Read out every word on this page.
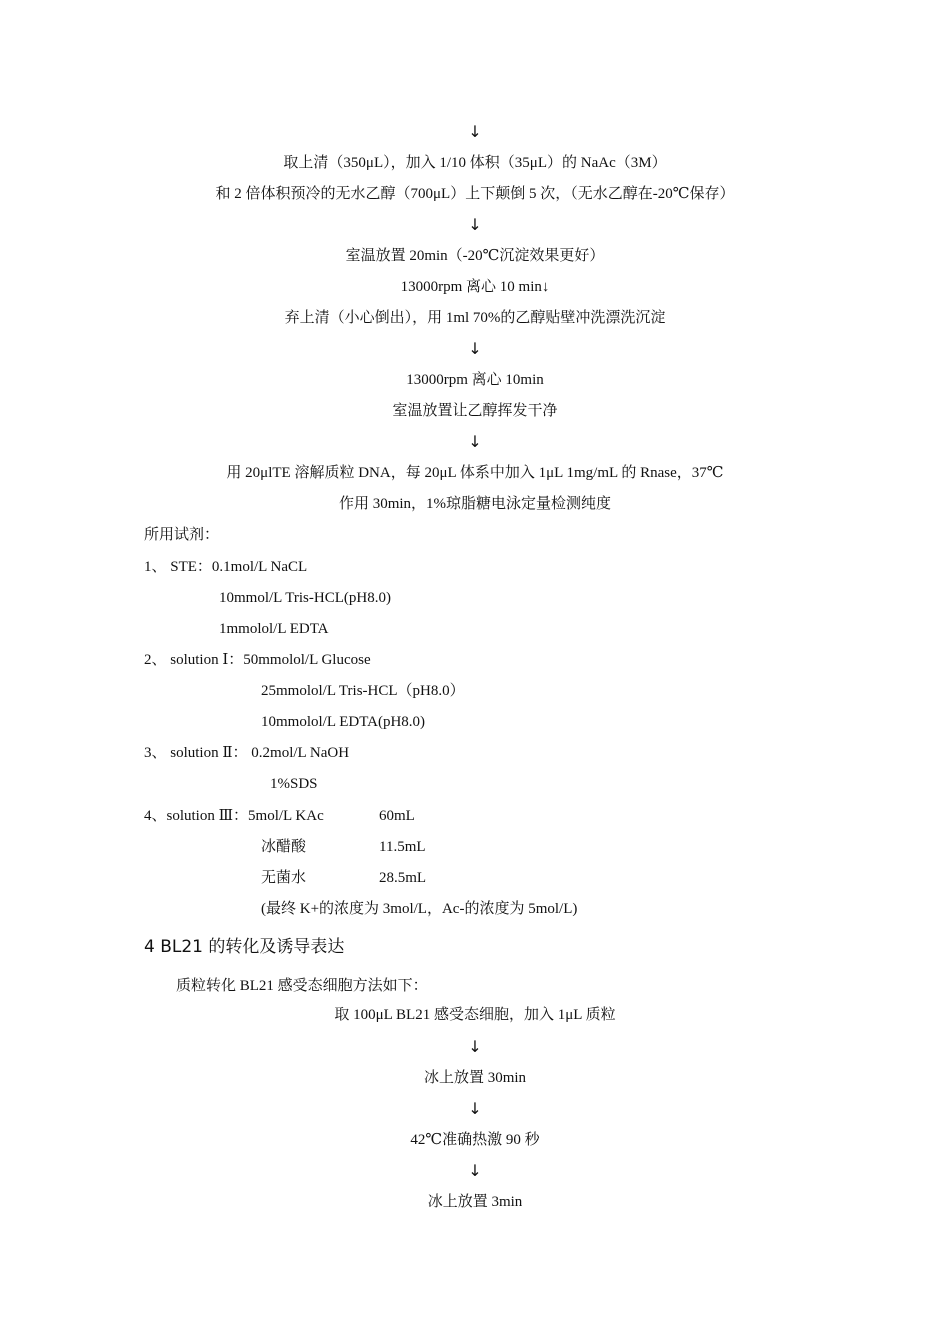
↓
取上清（350μL），加入 1/10 体积（35μL）的 NaAc（3M）
和 2 倍体积预冷的无水乙醇（700μL）上下颠倒 5 次，（无水乙醇在-20℃保存）
↓
室温放置 20min（-20℃沉淀效果更好）
13000rpm 离心 10 min↓
弃上清（小心倒出），用 1ml 70%的乙醇贴壁冲洗漂洗沉淀
↓
13000rpm 离心 10min
室温放置让乙醇挥发干净
↓
用 20μlTE 溶解质粒 DNA，每 20μL 体系中加入 1μL 1mg/mL 的 Rnase，37℃
作用 30min，1%琼脂糖电泳定量检测纯度
所用试剂：
1、 STE：0.1mol/L NaCL
10mmol/L Tris-HCL(pH8.0)
1mmolol/L EDTA
2、 solution Ⅰ：50mmolol/L Glucose
25mmolol/L Tris-HCL（pH8.0）
10mmolol/L EDTA(pH8.0)
3、 solution Ⅱ： 0.2mol/L NaOH
1%SDS
4、solution Ⅲ：5mol/L KAc	60mL
冰醋酸	11.5mL
无菌水	28.5mL
(最终 K+的浓度为 3mol/L，Ac-的浓度为 5mol/L)
4 BL21 的转化及诱导表达
质粒转化 BL21 感受态细胞方法如下：
取 100μL BL21 感受态细胞，加入 1μL 质粒
↓
冰上放置 30min
↓
42℃准确热激 90 秒
↓
冰上放置 3min
